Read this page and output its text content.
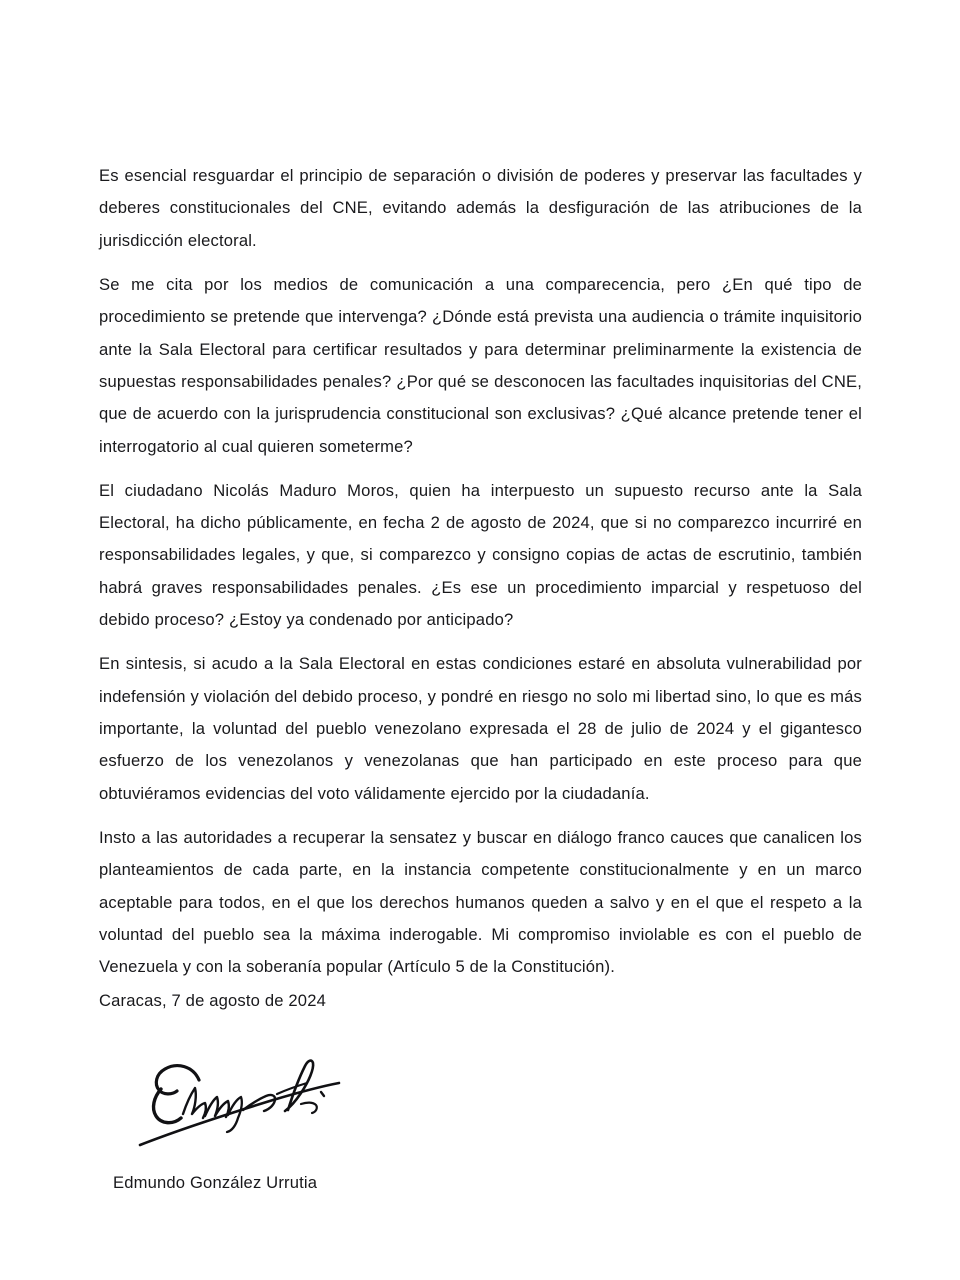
Es esencial resguardar el principio de separación o división de poderes y preservar las facultades y deberes constitucionales del CNE, evitando además la desfiguración de las atribuciones de la jurisdicción electoral.

Se me cita por los medios de comunicación a una comparecencia, pero ¿En qué tipo de procedimiento se pretende que intervenga? ¿Dónde está prevista una audiencia o trámite inquisitorio ante la Sala Electoral para certificar resultados y para determinar preliminarmente la existencia de supuestas responsabilidades penales? ¿Por qué se desconocen las facultades inquisitorias del CNE, que de acuerdo con la jurisprudencia constitucional son exclusivas? ¿Qué alcance pretende tener el interrogatorio al cual quieren someterme?

El ciudadano Nicolás Maduro Moros, quien ha interpuesto un supuesto recurso ante la Sala Electoral, ha dicho públicamente, en fecha 2 de agosto de 2024, que si no comparezco incurriré en responsabilidades legales, y que, si comparezco y consigno copias de actas de escrutinio, también habrá graves responsabilidades penales. ¿Es ese un procedimiento imparcial y respetuoso del debido proceso? ¿Estoy ya condenado por anticipado?

En sintesis, si acudo a la Sala Electoral en estas condiciones estaré en absoluta vulnerabilidad por indefensión y violación del debido proceso, y pondré en riesgo no solo mi libertad sino, lo que es más importante, la voluntad del pueblo venezolano expresada el 28 de julio de 2024 y el gigantesco esfuerzo de los venezolanos y venezolanas que han participado en este proceso para que obtuviéramos evidencias del voto válidamente ejercido por la ciudadanía.

Insto a las autoridades a recuperar la sensatez y buscar en diálogo franco cauces que canalicen los planteamientos de cada parte, en la instancia competente constitucionalmente y en un marco aceptable para todos, en el que los derechos humanos queden a salvo y en el que el respeto a la voluntad del pueblo sea la máxima inderogable. Mi compromiso inviolable es con el pueblo de Venezuela y con la soberanía popular (Artículo 5 de la Constitución).

Caracas, 7 de agosto de 2024
Edmundo González Urrutia
